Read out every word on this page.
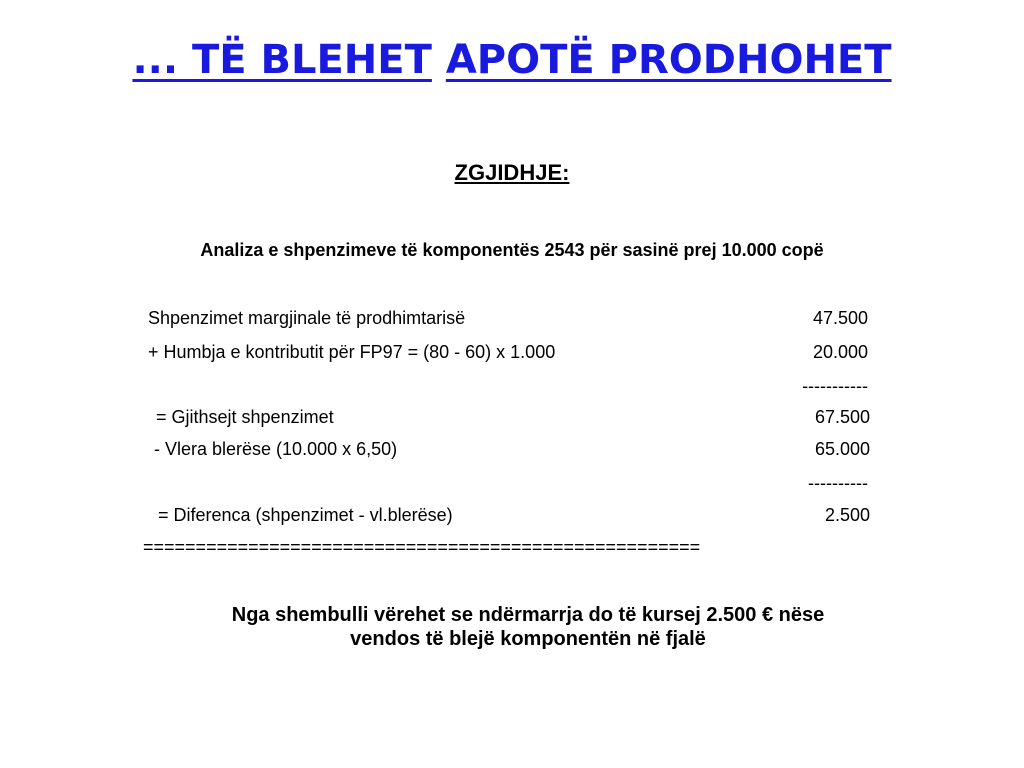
... TË BLEHET APOTË PRODHOHET
ZGJIDHJE:
Analiza e shpenzimeve të komponentës 2543 për sasinë prej 10.000 copë
Shpenzimet margjinale të prodhimtarisë	47.500
+ Humbja e kontributit për FP97 = (80 - 60) x 1.000	20.000
-----------
= Gjithsejt shpenzimet	67.500
- Vlera blerëse (10.000 x 6,50)	65.000
----------
= Diferenca (shpenzimet - vl.blerëse)	2.500
=====================================================
Nga shembulli vërehet se ndërmarrja do të kursej 2.500 € nëse
vendos të blejë komponentën në fjalë
